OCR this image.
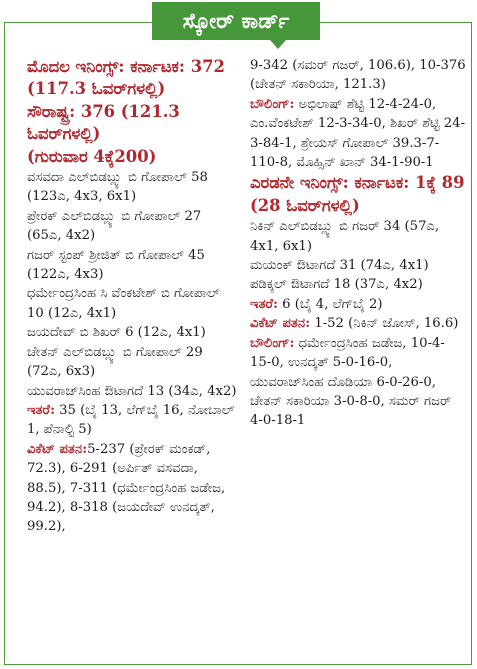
ಸ್ಕೋರ್ ಕಾರ್ಡ್

ಮೊದಲ ಇನಿಂಗ್ಸ್: ಕರ್ನಾಟಕ: 372 (117.3 ಓವರ್‌ಗಳಲ್ಲಿ)

ಸೌರಾಷ್ಟ್ರ: 376 (121.3 ಓವರ್‌ಗಳಲ್ಲಿ)

(ಗುರುವಾರ 4ಕ್ಕೆ200)

ವಸವದಾ ಎಲ್‌ಬಿಡಬ್ಲ್ಯು ಬಿ ಗೋಪಾಲ್ 58 (123ಎ, 4x3, 6x1)

ಪ್ರೇರಕ್ ಎಲ್‌ಬಿಡಬ್ಲ್ಯು ಬಿ ಗೋಪಾಲ್ 27 (65ಎ, 4x2)

ಗಜರ್ ಸ್ಟಂಪ್ ಶ್ರೀಜಿತ್ ಬಿ ಗೋಪಾಲ್ 45 (122ಎ, 4x3)

ಧರ್ಮೇಂದ್ರಸಿಂಹ ಸಿ ವೆಂಕಟೇಶ್ ಬಿ ಗೋಪಾಲ್ 10 (12ಎ, 4x1)

ಜಯದೇವ್ ಬಿ ಶಿಖರ್ 6 (12ಎ, 4x1)

ಚೇತನ್ ಎಲ್‌ಬಿಡಬ್ಲ್ಯು ಬಿ ಗೋಪಾಲ್ 29 (72ಎ, 6x3)

ಯುವರಾಜ್‌ಸಿಂಹ ಔಟಾಗದೆ 13 (34ಎ, 4x2)

ಇತರೆ: 35 (ಬೈ 13, ಲೆಗ್‌ಬೈ 16, ನೋಬಾಲ್ 1, ಪೆನಾಲ್ಟಿ 5)

ವಿಕೆಟ್ ಪತನ:5-237 (ಪ್ರೇರಕ್ ಮಂಕಡ್, 72.3), 6-291 (ಅರ್ಪಿತ್ ವಸವದಾ, 88.5), 7-311 (ಧರ್ಮೇಂದ್ರಸಿಂಹ ಜಡೇಜ, 94.2), 8-318 (ಜಯದೇವ್ ಉನದ್ಕತ್, 99.2),

9-342 (ಸಮರ್ ಗಜರ್, 106.6), 10-376 (ಚೇತನ್ ಸಕಾರಿಯಾ, 121.3)

ಬೌಲಿಂಗ್: ಅಭಿಲಾಷ್ ಶೆಟ್ಟಿ 12-4-24-0, ಎಂ.ವೆಂಕಟೇಶ್ 12-3-34-0, ಶಿಖರ್ ಶೆಟ್ಟಿ 24-3-84-1, ಶ್ರೇಯಸ್ ಗೋಪಾಲ್ 39.3-7-110-8, ಮೊಹ್ಸಿನ್ ಖಾನ್ 34-1-90-1

ಎರಡನೇ ಇನಿಂಗ್ಸ್: ಕರ್ನಾಟಕ: 1ಕ್ಕೆ 89 (28 ಓವರ್‌ಗಳಲ್ಲಿ)

ನಿಕಿನ್ ಎಲ್‌ಬಿಡಬ್ಲ್ಯು ಬಿ ಗಜರ್ 34 (57ಎ, 4x1, 6x1)

ಮಯಂಕ್ ಔಟಾಗದೆ 31 (74ಎ, 4x1)

ಪಡಿಕ್ಕಲ್ ಔಟಾಗದೆ 18 (37ಎ, 4x2)

ಇತರೆ: 6 (ಬೈ 4, ಲೆಗ್‌ಬೈ 2)

ವಿಕೆಟ್ ಪತನ: 1-52 (ನಿಕಿನ್ ಜೋಸ್, 16.6)

ಬೌಲಿಂಗ್: ಧರ್ಮೇಂದ್ರಸಿಂಹ ಜಡೇಜ, 10-4-15-0, ಉನದ್ಕತ್ 5-0-16-0, ಯುವರಾಜ್‌ಸಿಂಹ ದೊಡಿಯಾ 6-0-26-0, ಚೇತನ್ ಸಕಾರಿಯಾ 3-0-8-0, ಸಮರ್ ಗಜರ್ 4-0-18-1
